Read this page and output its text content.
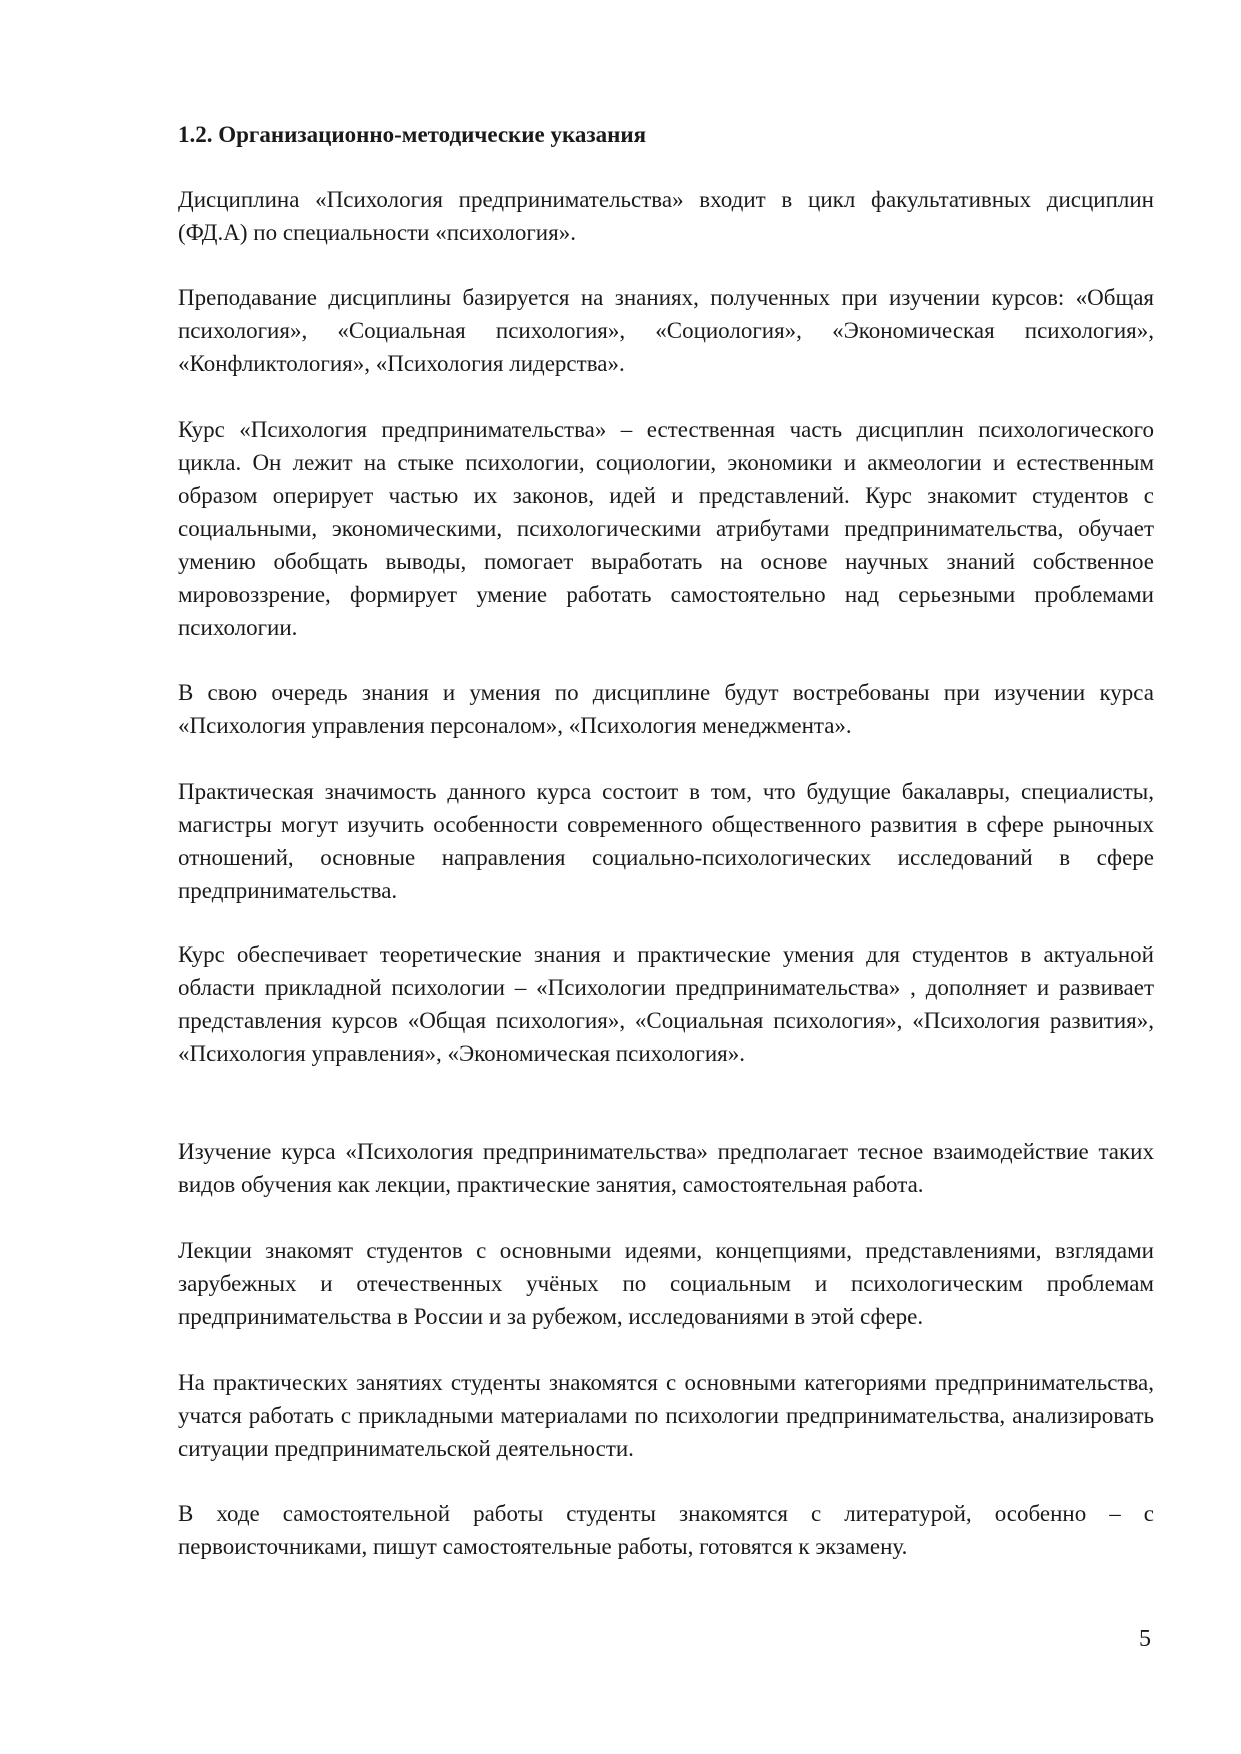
1.2. Организационно-методические указания

Дисциплина «Психология предпринимательства» входит в цикл факультативных дисциплин (ФД.А) по специальности «психология».

Преподавание дисциплины базируется на знаниях, полученных при изучении курсов: «Общая психология», «Социальная психология», «Социология», «Экономическая психология», «Конфликтология», «Психология лидерства».

Курс «Психология предпринимательства» – естественная часть дисциплин психологического цикла. Он лежит на стыке психологии, социологии, экономики и акмеологии и естественным образом оперирует частью их законов, идей и представлений. Курс знакомит студентов с социальными, экономическими, психологическими атрибутами предпринимательства, обучает умению обобщать выводы, помогает выработать на основе научных знаний собственное мировоззрение, формирует умение работать самостоятельно над серьезными проблемами психологии.

В свою очередь знания и умения по дисциплине будут востребованы при изучении курса «Психология управления персоналом», «Психология менеджмента».

Практическая значимость данного курса состоит в том, что будущие бакалавры, специалисты, магистры могут изучить особенности современного общественного развития в сфере рыночных отношений, основные направления социально-психологических исследований в сфере предпринимательства.

Курс обеспечивает теоретические знания и практические умения для студентов в актуальной области прикладной психологии – «Психологии предпринимательства» , дополняет и развивает представления курсов «Общая психология», «Социальная психология», «Психология развития», «Психология управления», «Экономическая психология».

Изучение курса «Психология предпринимательства» предполагает тесное взаимодействие таких видов обучения как лекции, практические занятия, самостоятельная работа.

Лекции знакомят студентов с основными идеями, концепциями, представлениями, взглядами зарубежных и отечественных учёных по социальным и психологическим проблемам предпринимательства в России и за рубежом, исследованиями в этой сфере.

На практических занятиях студенты знакомятся с основными категориями предпринимательства, учатся работать с прикладными материалами по психологии предпринимательства, анализировать ситуации предпринимательской деятельности.

В ходе самостоятельной работы студенты знакомятся с литературой, особенно – с первоисточниками, пишут самостоятельные работы, готовятся к экзамену.

5
